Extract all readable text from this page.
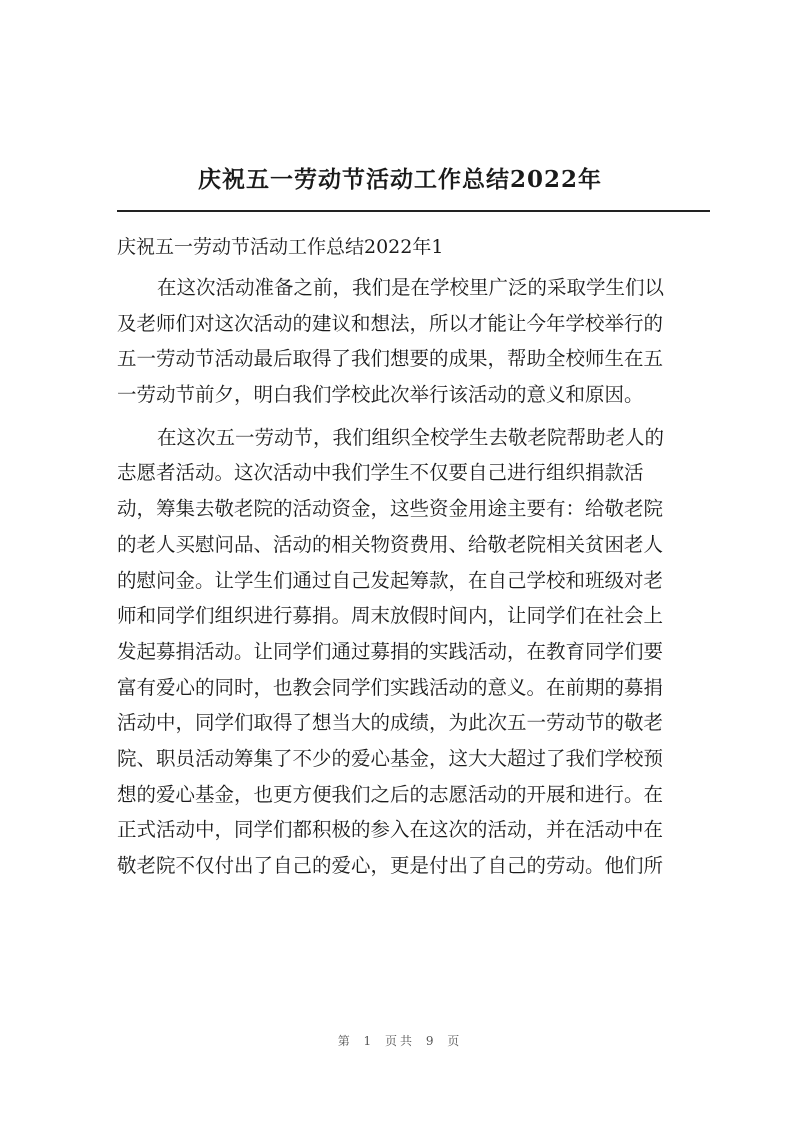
庆祝五一劳动节活动工作总结2022年
庆祝五一劳动节活动工作总结2022年1
在这次活动准备之前，我们是在学校里广泛的采取学生们以
及老师们对这次活动的建议和想法，所以才能让今年学校举行的
五一劳动节活动最后取得了我们想要的成果，帮助全校师生在五
一劳动节前夕，明白我们学校此次举行该活动的意义和原因。
在这次五一劳动节，我们组织全校学生去敬老院帮助老人的
志愿者活动。这次活动中我们学生不仅要自己进行组织捐款活
动，筹集去敬老院的活动资金，这些资金用途主要有：给敬老院
的老人买慰问品、活动的相关物资费用、给敬老院相关贫困老人
的慰问金。让学生们通过自己发起筹款，在自己学校和班级对老
师和同学们组织进行募捐。周末放假时间内，让同学们在社会上
发起募捐活动。让同学们通过募捐的实践活动，在教育同学们要
富有爱心的同时，也教会同学们实践活动的意义。在前期的募捐
活动中，同学们取得了想当大的成绩，为此次五一劳动节的敬老
院、职员活动筹集了不少的爱心基金，这大大超过了我们学校预
想的爱心基金，也更方便我们之后的志愿活动的开展和进行。在
正式活动中，同学们都积极的参入在这次的活动，并在活动中在
敬老院不仅付出了自己的爱心，更是付出了自己的劳动。他们所
第 1 页共 9 页
